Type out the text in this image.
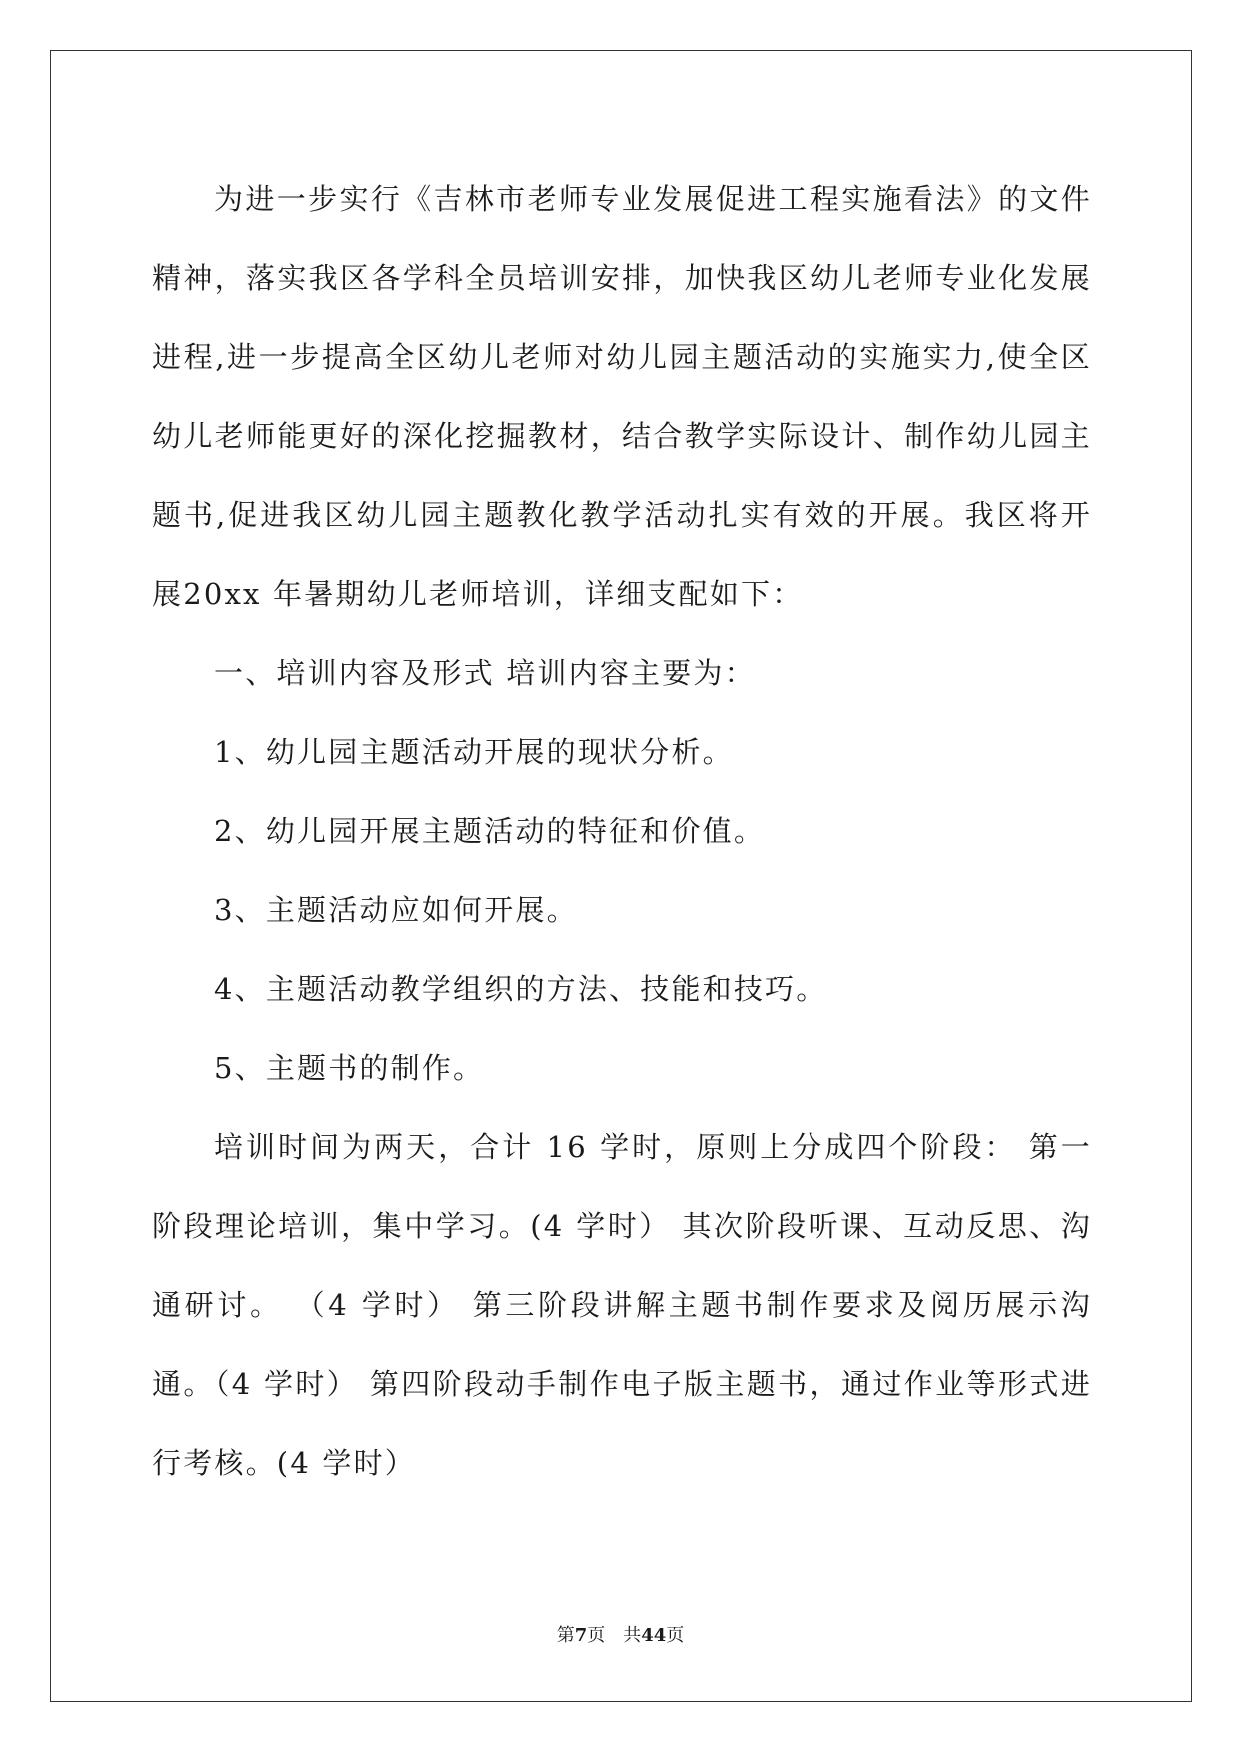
为进一步实行《吉林市老师专业发展促进工程实施看法》的文件精神，落实我区各学科全员培训安排，加快我区幼儿老师专业化发展进程,进一步提高全区幼儿老师对幼儿园主题活动的实施实力,使全区幼儿老师能更好的深化挖掘教材，结合教学实际设计、制作幼儿园主题书,促进我区幼儿园主题教化教学活动扎实有效的开展。我区将开展20xx 年暑期幼儿老师培训，详细支配如下：

一、培训内容及形式 培训内容主要为：

1、幼儿园主题活动开展的现状分析。

2、幼儿园开展主题活动的特征和价值。

3、主题活动应如何开展。

4、主题活动教学组织的方法、技能和技巧。

5、主题书的制作。

培训时间为两天，合计 16 学时，原则上分成四个阶段： 第一阶段理论培训，集中学习。(4 学时） 其次阶段听课、互动反思、沟通研讨。 （4 学时） 第三阶段讲解主题书制作要求及阅历展示沟通。（4 学时） 第四阶段动手制作电子版主题书，通过作业等形式进行考核。(4 学时）

第7页 共44页
